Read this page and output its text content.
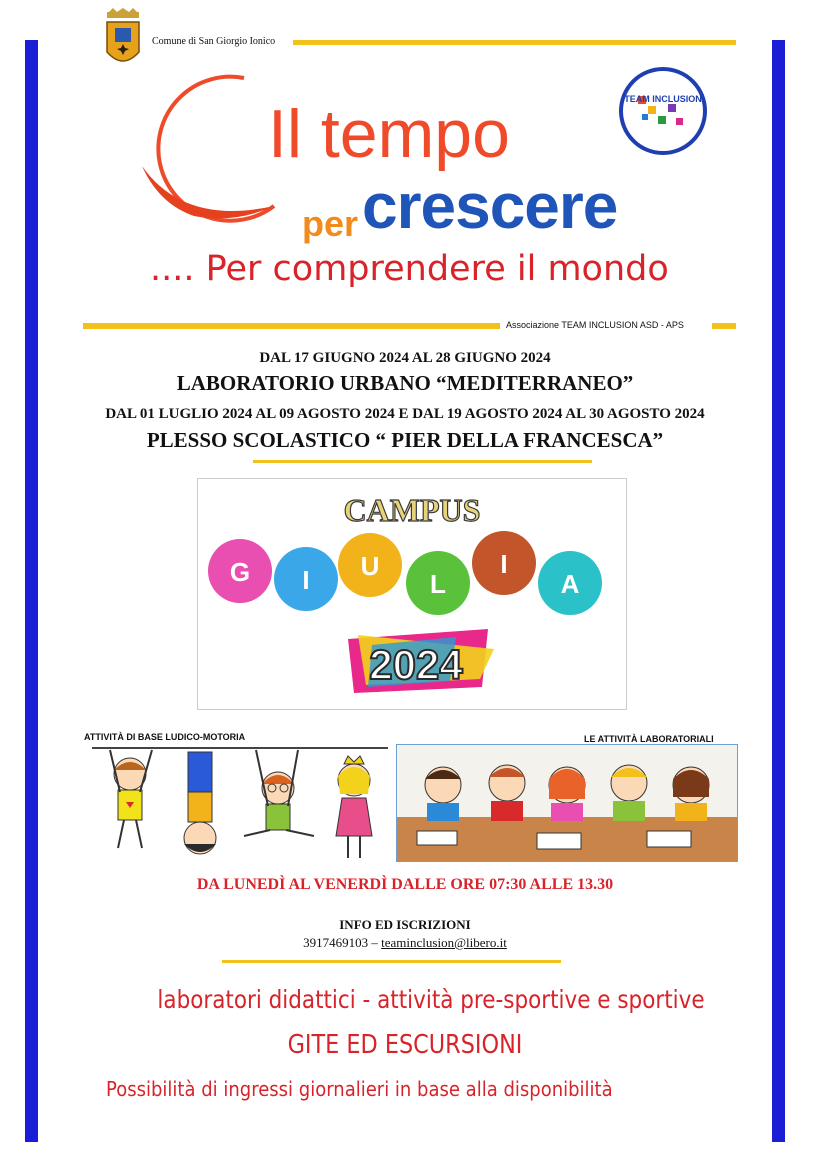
Comune di San Giorgio Ionico
Il tempo
per crescere
.... Per comprendere il mondo
TEAM INCLUSION
Associazione TEAM INCLUSION ASD - APS
DAL 17 GIUGNO 2024 AL 28 GIUGNO 2024
LABORATORIO URBANO “MEDITERRANEO”
DAL 01 LUGLIO 2024 AL 09 AGOSTO 2024 E DAL 19 AGOSTO 2024 AL 30 AGOSTO 2024
PLESSO SCOLASTICO “ PIER DELLA FRANCESCA”
CAMPUS
G I U
L
I
A
2024
ATTIVITÀ DI BASE LUDICO-MOTORIA	LE ATTIVITÀ LABORATORIALI
DA LUNEDÌ AL VENERDÌ DALLE ORE 07:30 ALLE 13.30
INFO ED ISCRIZIONI
3917469103 – teaminclusion@libero.it
laboratori didattici - attività pre-sportive e sportive
GITE ED ESCURSIONI
Possibilità di ingressi giornalieri in base alla disponibilità
